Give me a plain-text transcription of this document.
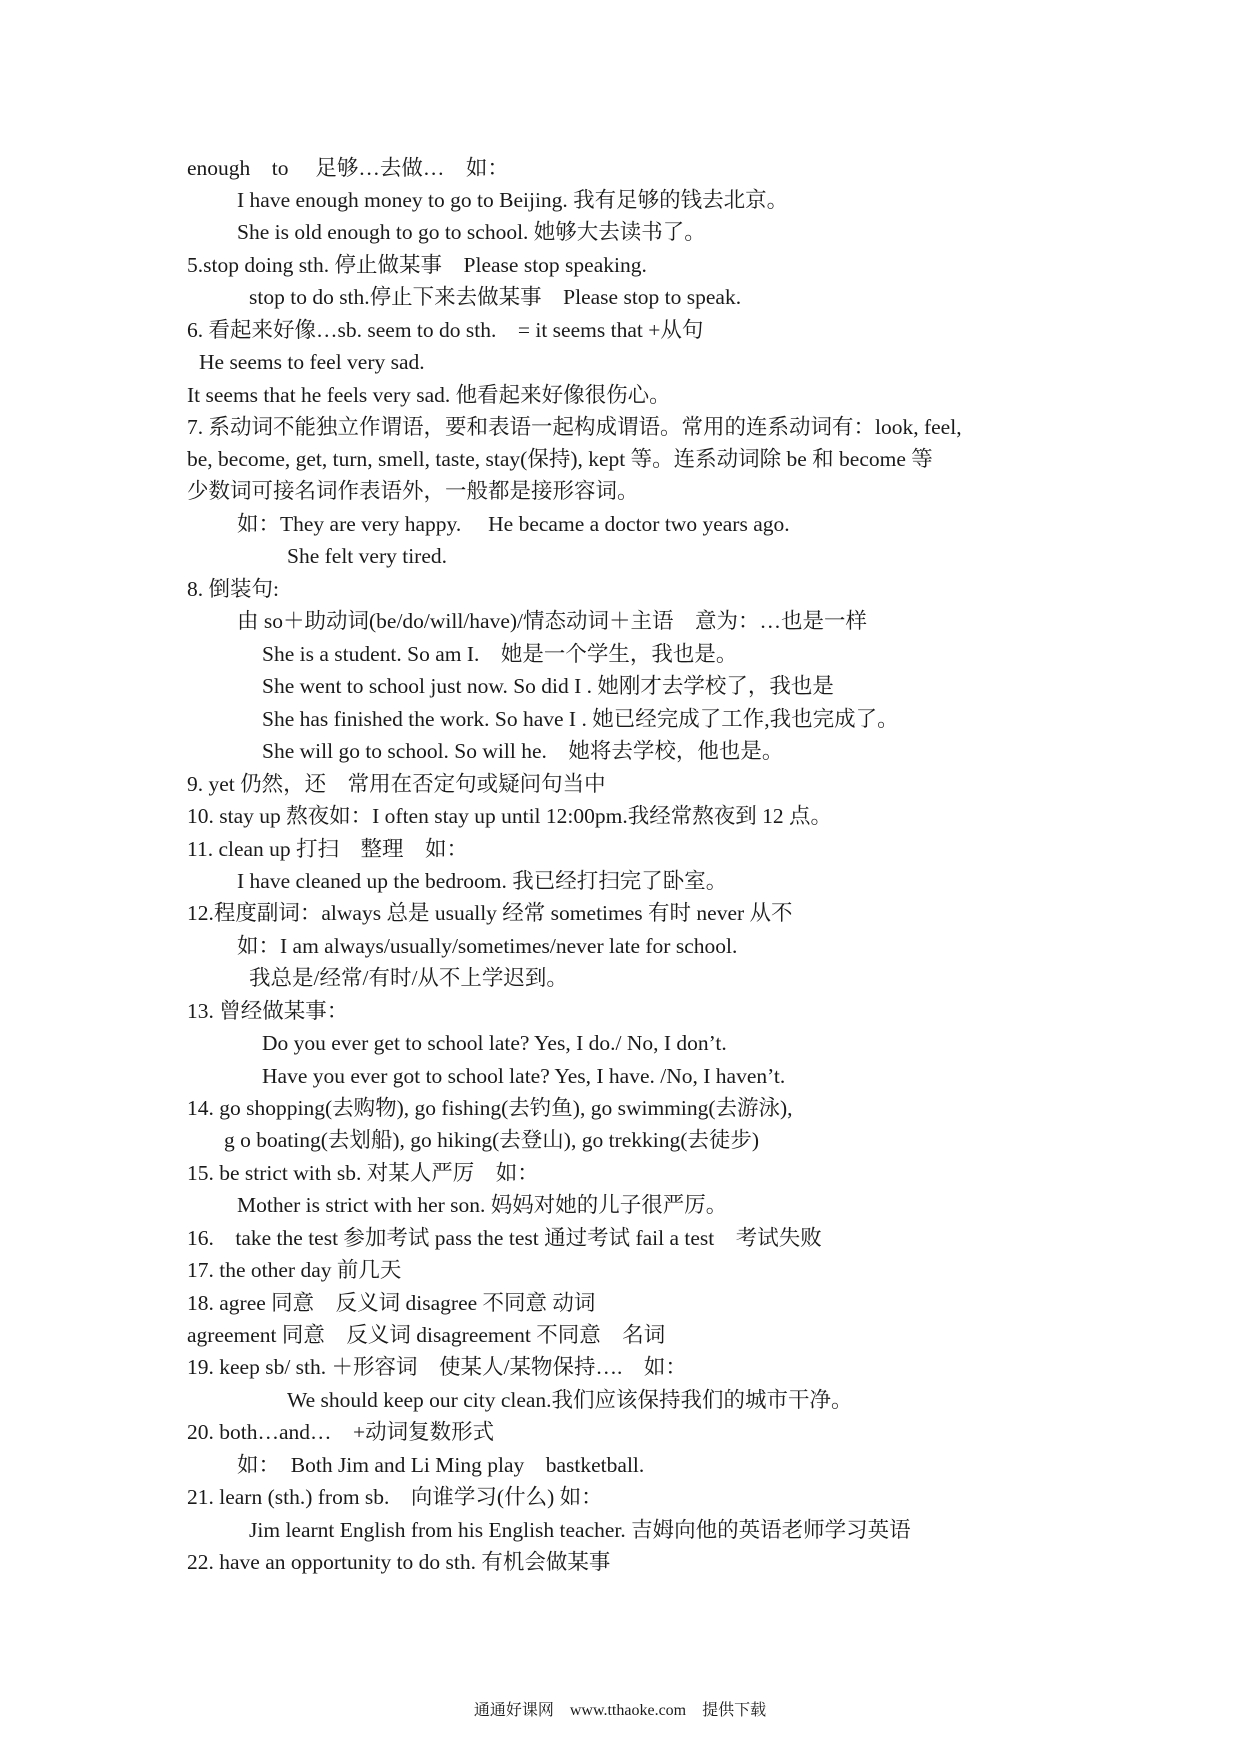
enough　to　 足够…去做…　如：
I have enough money to go to Beijing. 我有足够的钱去北京。
She is old enough to go to school. 她够大去读书了。
5.stop doing sth. 停止做某事　Please stop speaking.
stop to do sth.停止下来去做某事　Please stop to speak.
6. 看起来好像…sb. seem to do sth.　= it seems that +从句
He seems to feel very sad.
It seems that he feels very sad. 他看起来好像很伤心。
7. 系动词不能独立作谓语，要和表语一起构成谓语。常用的连系动词有：look, feel,
be, become, get, turn, smell, taste, stay(保持), kept 等。连系动词除 be 和 become 等
少数词可接名词作表语外，一般都是接形容词。
如：They are very happy.　 He became a doctor two years ago.
She felt very tired.
8. 倒装句:
由 so＋助动词(be/do/will/have)/情态动词＋主语　意为：…也是一样
She is a student. So am I.　她是一个学生，我也是。
She went to school just now. So did I . 她刚才去学校了，我也是
She has finished the work. So have I . 她已经完成了工作,我也完成了。
She will go to school. So will he.　她将去学校，他也是。
9. yet 仍然，还　常用在否定句或疑问句当中
10. stay up 熬夜如：I often stay up until 12:00pm.我经常熬夜到 12 点。
11. clean up 打扫　整理　如：
I have cleaned up the bedroom. 我已经打扫完了卧室。
12.程度副词：always 总是 usually 经常 sometimes 有时 never 从不
如：I am always/usually/sometimes/never late for school.
我总是/经常/有时/从不上学迟到。
13. 曾经做某事：
Do you ever get to school late? Yes, I do./ No, I don’t.
Have you ever got to school late? Yes, I have. /No, I haven’t.
14. go shopping(去购物), go fishing(去钓鱼), go swimming(去游泳),
g o boating(去划船), go hiking(去登山), go trekking(去徒步)
15. be strict with sb. 对某人严厉　如：
Mother is strict with her son. 妈妈对她的儿子很严厉。
16.　take the test 参加考试 pass the test 通过考试 fail a test　考试失败
17. the other day 前几天
18. agree 同意　反义词 disagree 不同意 动词
agreement 同意　反义词 disagreement 不同意　名词
19. keep sb/ sth. ＋形容词　使某人/某物保持….　如：
We should keep our city clean.我们应该保持我们的城市干净。
20. both…and…　+动词复数形式
如：　Both Jim and Li Ming play　bastketball.
21. learn (sth.) from sb.　向谁学习(什么) 如：
Jim learnt English from his English teacher. 吉姆向他的英语老师学习英语
22. have an opportunity to do sth. 有机会做某事
通通好课网　www.tthaoke.com　提供下载
